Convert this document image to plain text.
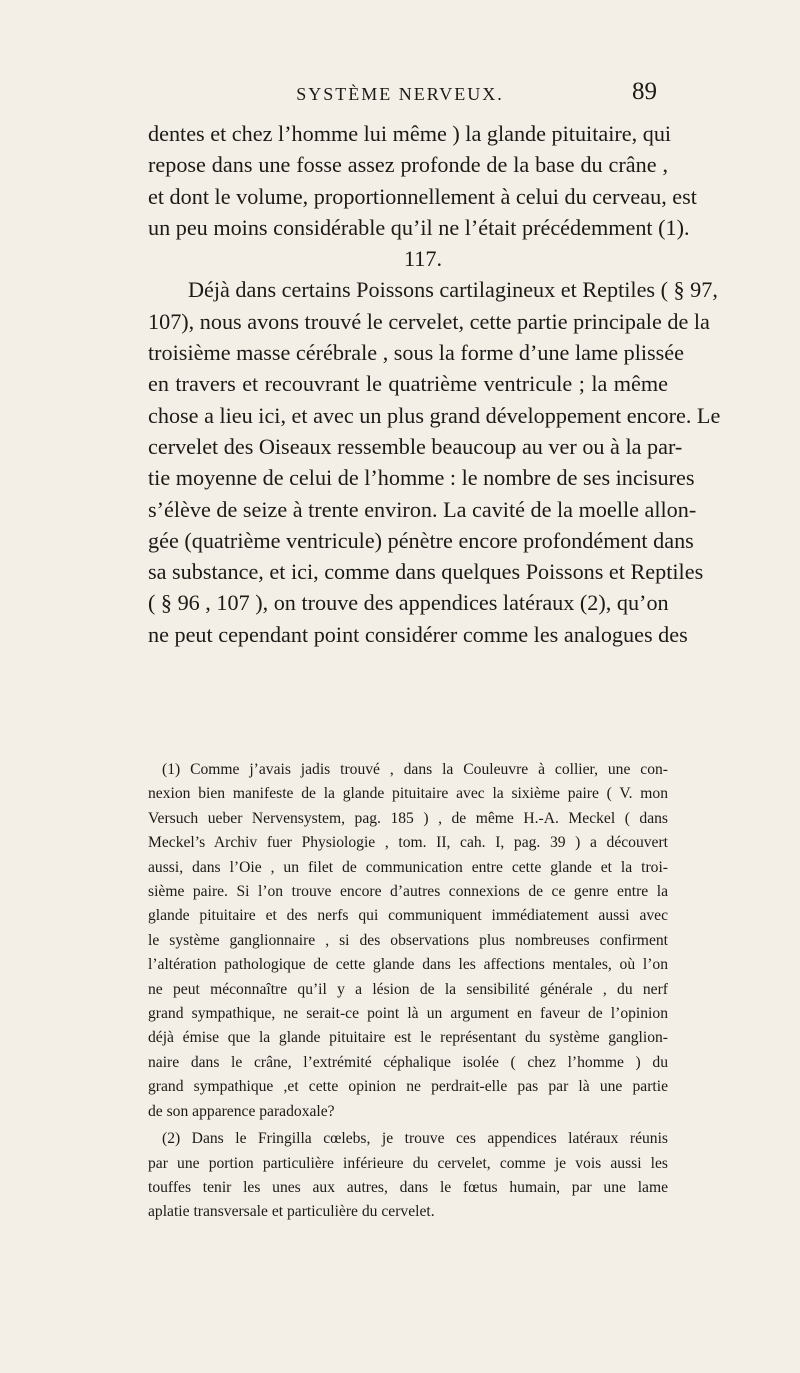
SYSTÈME NERVEUX.	89
dentes et chez l’homme lui même ) la glande pituitaire, qui
repose dans une fosse assez profonde de la base du crâne ,
et dont le volume, proportionnellement à celui du cerveau, est
un peu moins considérable qu’il ne l’était précédemment (1).
117.
Déjà dans certains Poissons cartilagineux et Reptiles ( § 97,
107), nous avons trouvé le cervelet, cette partie principale de la
troisième masse cérébrale , sous la forme d’une lame plissée
en travers et recouvrant le quatrième ventricule ; la même
chose a lieu ici, et avec un plus grand développement encore. Le
cervelet des Oiseaux ressemble beaucoup au ver ou à la par-
tie moyenne de celui de l’homme : le nombre de ses incisures
s’élève de seize à trente environ. La cavité de la moelle allon-
gée (quatrième ventricule) pénètre encore profondément dans
sa substance, et ici, comme dans quelques Poissons et Reptiles
( § 96 , 107 ), on trouve des appendices latéraux (2), qu’on
ne peut cependant point considérer comme les analogues des
(1) Comme j’avais jadis trouvé , dans la Couleuvre à collier, une con-
nexion bien manifeste de la glande pituitaire avec la sixième paire ( V. mon
Versuch ueber Nervensystem, pag. 185 ) , de même H.-A. Meckel ( dans
Meckel’s Archiv fuer Physiologie , tom. II, cah. I, pag. 39 ) a découvert
aussi, dans l’Oie , un filet de communication entre cette glande et la troi-
sième paire. Si l’on trouve encore d’autres connexions de ce genre entre la
glande pituitaire et des nerfs qui communiquent immédiatement aussi avec
le système ganglionnaire , si des observations plus nombreuses confirment
l’altération pathologique de cette glande dans les affections mentales, où l’on
ne peut méconnaître qu’il y a lésion de la sensibilité générale , du nerf
grand sympathique, ne serait-ce point là un argument en faveur de l’opinion
déjà émise que la glande pituitaire est le représentant du système ganglion-
naire dans le crâne, l’extrémité céphalique isolée ( chez l’homme ) du
grand sympathique ,et cette opinion ne perdrait-elle pas par là une partie
de son apparence paradoxale?
(2) Dans le Fringilla cœlebs, je trouve ces appendices latéraux réunis
par une portion particulière inférieure du cervelet, comme je vois aussi les
touffes tenir les unes aux autres, dans le fœtus humain, par une lame
aplatie transversale et particulière du cervelet.
